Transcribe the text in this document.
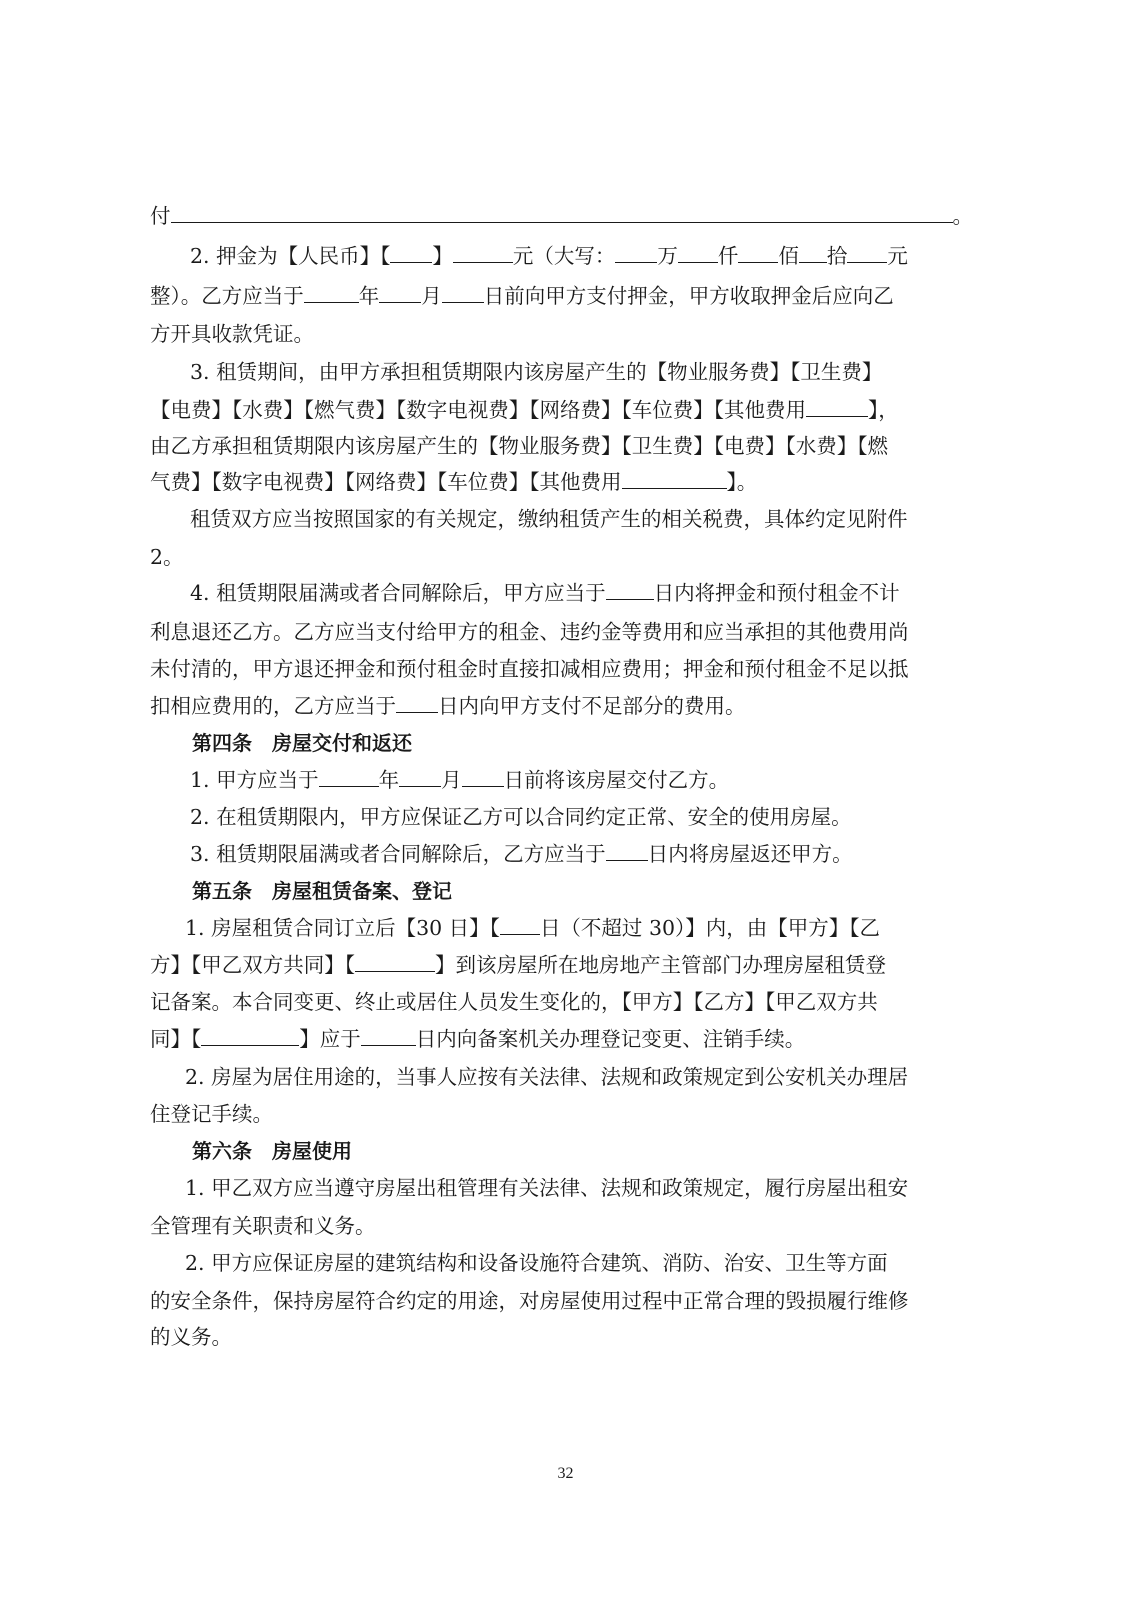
付	。
2. 押金为【人民币】【 】	元（大写： 万 仟 佰 拾 元
整）。乙方应当于	年 月 日前向甲方支付押金，甲方收取押金后应向乙
方开具收款凭证。
3. 租赁期间，由甲方承担租赁期限内该房屋产生的【物业服务费】【卫生费】
【电费】【水费】【燃气费】【数字电视费】【网络费】【车位费】【其他费用	】，
由乙方承担租赁期限内该房屋产生的【物业服务费】【卫生费】【电费】【水费】【燃
气费】【数字电视费】【网络费】【车位费】【其他费用	】。
租赁双方应当按照国家的有关规定，缴纳租赁产生的相关税费，具体约定见附件
2。
4. 租赁期限届满或者合同解除后，甲方应当于 日内将押金和预付租金不计
利息退还乙方。乙方应当支付给甲方的租金、违约金等费用和应当承担的其他费用尚
未付清的，甲方退还押金和预付租金时直接扣减相应费用；押金和预付租金不足以抵
扣相应费用的，乙方应当于 日内向甲方支付不足部分的费用。
第四条　房屋交付和返还
1. 甲方应当于	年 月 日前将该房屋交付乙方。
2. 在租赁期限内，甲方应保证乙方可以合同约定正常、安全的使用房屋。
3. 租赁期限届满或者合同解除后，乙方应当于 日内将房屋返还甲方。
第五条　房屋租赁备案、登记
1. 房屋租赁合同订立后【30 日】【 日（不超过 30）】内，由【甲方】【乙
方】【甲乙双方共同】【	】到该房屋所在地房地产主管部门办理房屋租赁登
记备案。本合同变更、终止或居住人员发生变化的，【甲方】【乙方】【甲乙双方共
同】【	】应于	日内向备案机关办理登记变更、注销手续。
2. 房屋为居住用途的，当事人应按有关法律、法规和政策规定到公安机关办理居
住登记手续。
第六条　房屋使用
1. 甲乙双方应当遵守房屋出租管理有关法律、法规和政策规定，履行房屋出租安
全管理有关职责和义务。
2. 甲方应保证房屋的建筑结构和设备设施符合建筑、消防、治安、卫生等方面
的安全条件，保持房屋符合约定的用途，对房屋使用过程中正常合理的毁损履行维修
的义务。
32
